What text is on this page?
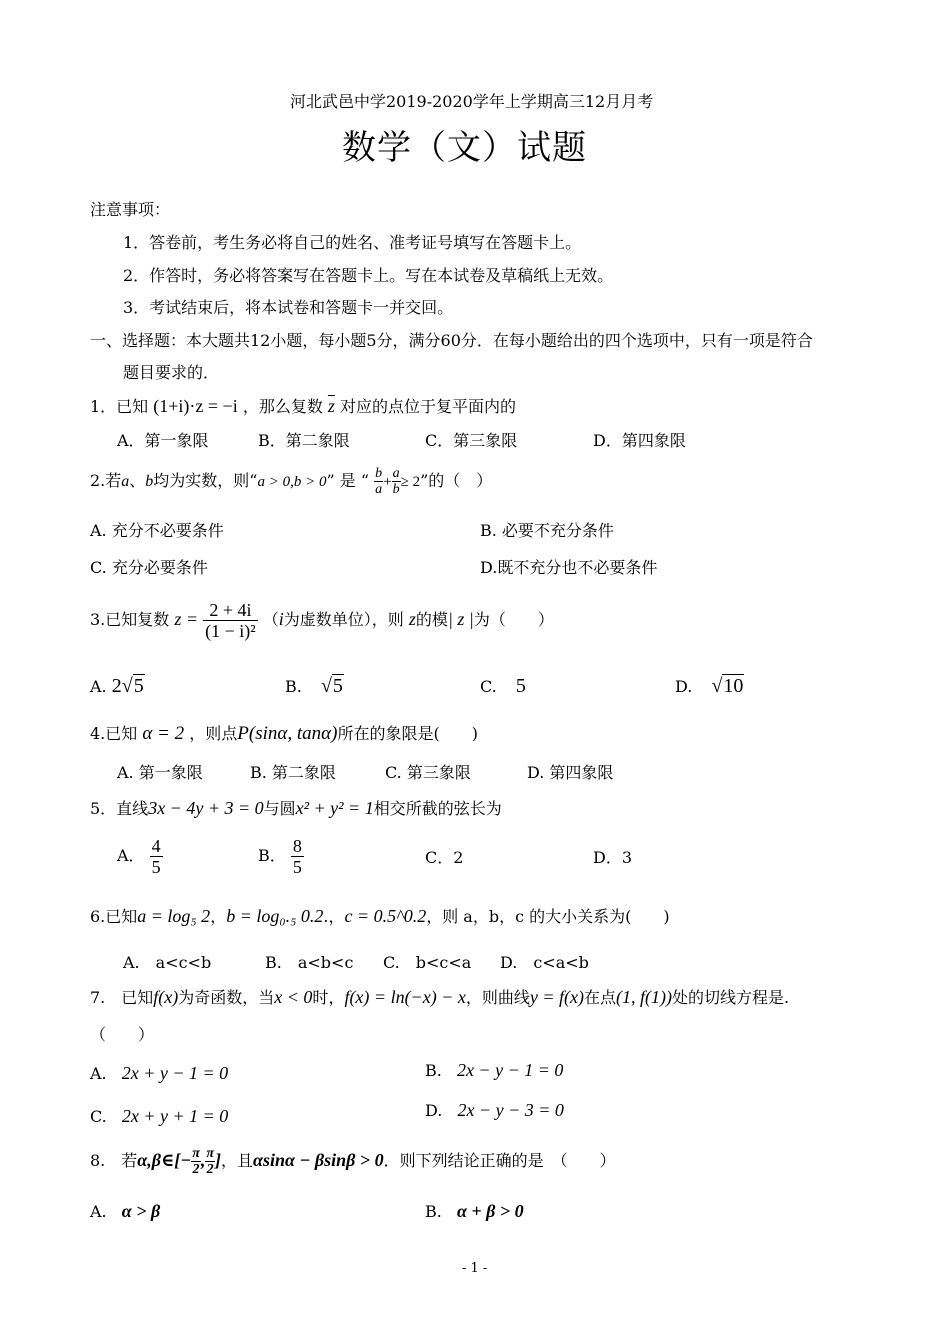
河北武邑中学2019-2020学年上学期高三12月月考
数学（文）试题
注意事项：
1．答卷前，考生务必将自己的姓名、准考证号填写在答题卡上。
2．作答时，务必将答案写在答题卡上。写在本试卷及草稿纸上无效。
3．考试结束后，将本试卷和答题卡一并交回。
一、选择题：本大题共12小题，每小题5分，满分60分．在每小题给出的四个选项中，只有一项是符合
题目要求的．
1．已知 (1+i)·z = −i ，那么复数 $\overline{z}$ 对应的点位于复平面内的
A．第一象限	B．第二象限	C．第三象限	D．第四象限
2.若a、b均为实数，则“a > 0,b > 0” 是 “ $\frac{b}{a} + \frac{a}{b} \ge 2$”的（　）
A. 充分不必要条件	B. 必要不充分条件
C. 充分必要条件	D.既不充分也不必要条件
3.已知复数 $z = \frac{2 + 4i}{\text{(1 − i)²}} (i$为虚数单位），则 z的模| z |为（　　）
A. 2√5	B. √5	C. 5	D. √10
4.已知 α = 2 ，则点P(sinα, tanα)所在的象限是(　　)
A. 第一象限	B. 第二象限	C. 第三象限	D. 第四象限
5．直线3x − 4y + 3 = 0与圆x² + y² = 1相交所截的弦长为
A． $\frac{4}{5}$	B． $\frac{8}{5}$	C．2	D．3
6.已知a = log₅ 2，b = log₀.₅ 0.2.，c = 0.5^0.2，则 a，b，c 的大小关系为(　　)
A.　a<c<b	B.　a<b<c C.　b<c<a D.　c<a<b
7.　已知f(x)为奇函数，当x < 0时，f(x) = ln(−x) − x，则曲线y = f(x)在点(1, f(1))处的切线方程是.
（　　）
A. 2x + y − 1 = 0	B. 2x − y − 1 = 0
C. 2x + y + 1 = 0	D. 2x − y − 3 = 0
8.　若α,β∈[− $\frac{\pi}{2}$ , $\frac{\pi}{2}$ ]，且αsinα − βsinβ > 0．则下列结论正确的是　（　　）
A. α > β	B. α + β > 0
- 1 -
